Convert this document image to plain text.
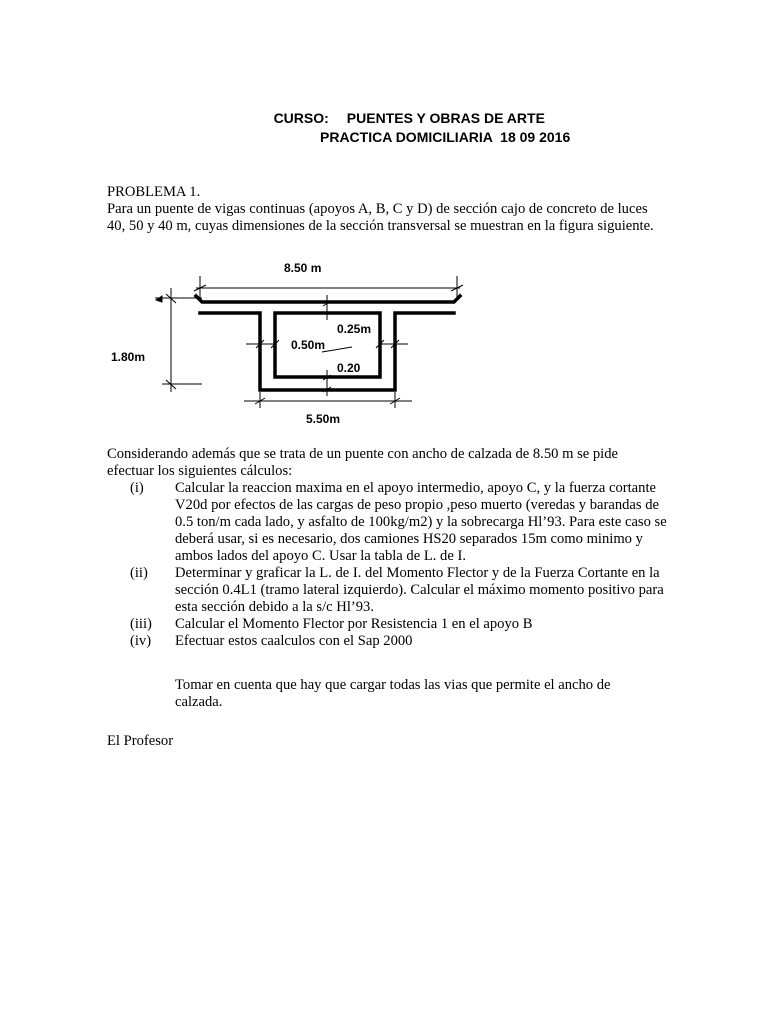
CURSO: PUENTES Y OBRAS DE ARTE

PRACTICA DOMICILIARIA  18 09 2016

PROBLEMA 1.

Para un puente de vigas continuas (apoyos A, B, C y D) de sección cajo de concreto de luces 40, 50 y 40 m, cuyas dimensiones de la sección transversal se muestran en la figura siguiente.

8.50 m
1.80m
0.25m
0.50m
0.20
5.50m
Considerando además que se trata de un puente con ancho de calzada de 8.50 m se pide efectuar los siguientes cálculos:
(i)	Calcular la reaccion maxima en el apoyo intermedio, apoyo C, y la fuerza cortante V20d por efectos de las cargas de peso propio ,peso muerto (veredas y barandas de 0.5 ton/m cada lado, y asfalto de 100kg/m2) y la sobrecarga Hl’93. Para este caso se deberá usar, si es necesario, dos camiones HS20 separados 15m como minimo y ambos lados del apoyo C. Usar la tabla de L. de I.
(ii)	Determinar y graficar la L. de I. del Momento Flector y de la Fuerza Cortante en la sección 0.4L1 (tramo lateral izquierdo). Calcular el máximo momento positivo para esta sección debido a la s/c Hl’93.
(iii)	Calcular el Momento Flector por Resistencia 1 en el apoyo B
(iv)	Efectuar estos caalculos con el Sap 2000
Tomar en cuenta que hay que cargar todas las vias que permite el ancho de calzada.
El Profesor
